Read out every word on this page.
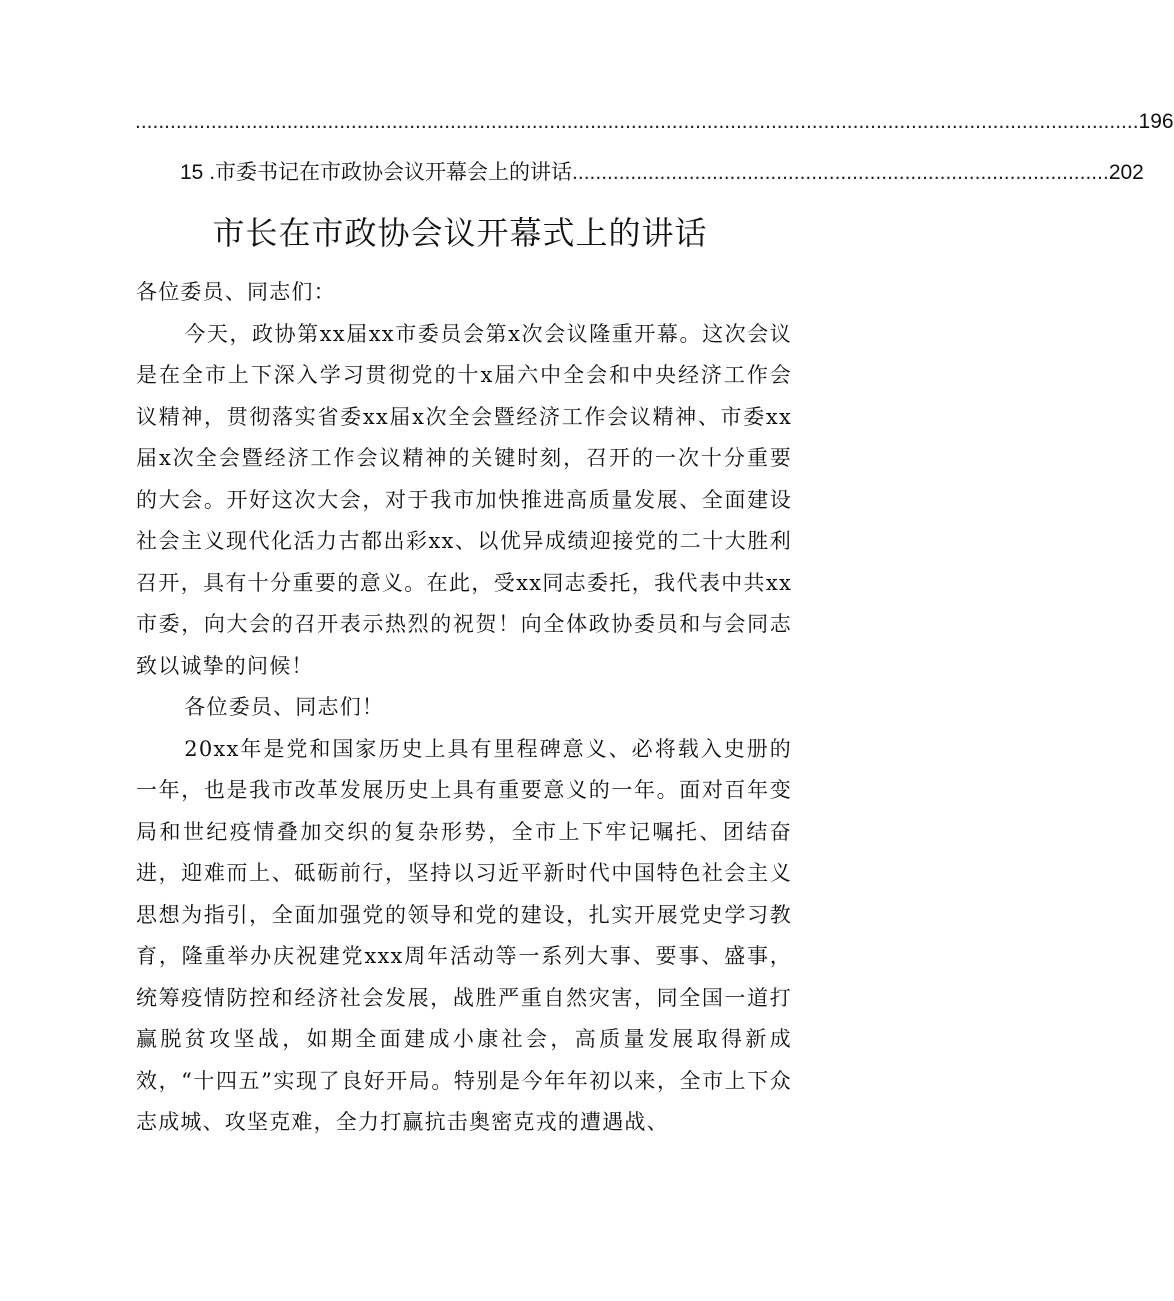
............................................................................................................................................................................ 196
15 .市委书记在市政协会议开幕会上的讲话 ............................................................................................ 202
市长在市政协会议开幕式上的讲话

各位委员、同志们：

今天，政协第xx届xx市委员会第x次会议隆重开幕。这次会议是在全市上下深入学习贯彻党的十x届六中全会和中央经济工作会议精神，贯彻落实省委xx届x次全会暨经济工作会议精神、市委xx届x次全会暨经济工作会议精神的关键时刻，召开的一次十分重要的大会。开好这次大会，对于我市加快推进高质量发展、全面建设社会主义现代化活力古都出彩xx、以优异成绩迎接党的二十大胜利召开，具有十分重要的意义。在此，受xx同志委托，我代表中共xx市委，向大会的召开表示热烈的祝贺！向全体政协委员和与会同志致以诚挚的问候！

各位委员、同志们！

20xx年是党和国家历史上具有里程碑意义、必将载入史册的一年，也是我市改革发展历史上具有重要意义的一年。面对百年变局和世纪疫情叠加交织的复杂形势，全市上下牢记嘱托、团结奋进，迎难而上、砥砺前行，坚持以习近平新时代中国特色社会主义思想为指引，全面加强党的领导和党的建设，扎实开展党史学习教育，隆重举办庆祝建党xxx周年活动等一系列大事、要事、盛事，统筹疫情防控和经济社会发展，战胜严重自然灾害，同全国一道打赢脱贫攻坚战，如期全面建成小康社会，高质量发展取得新成效，“十四五”实现了良好开局。特别是今年年初以来，全市上下众志成城、攻坚克难，全力打赢抗击奥密克戎的遭遇战、
